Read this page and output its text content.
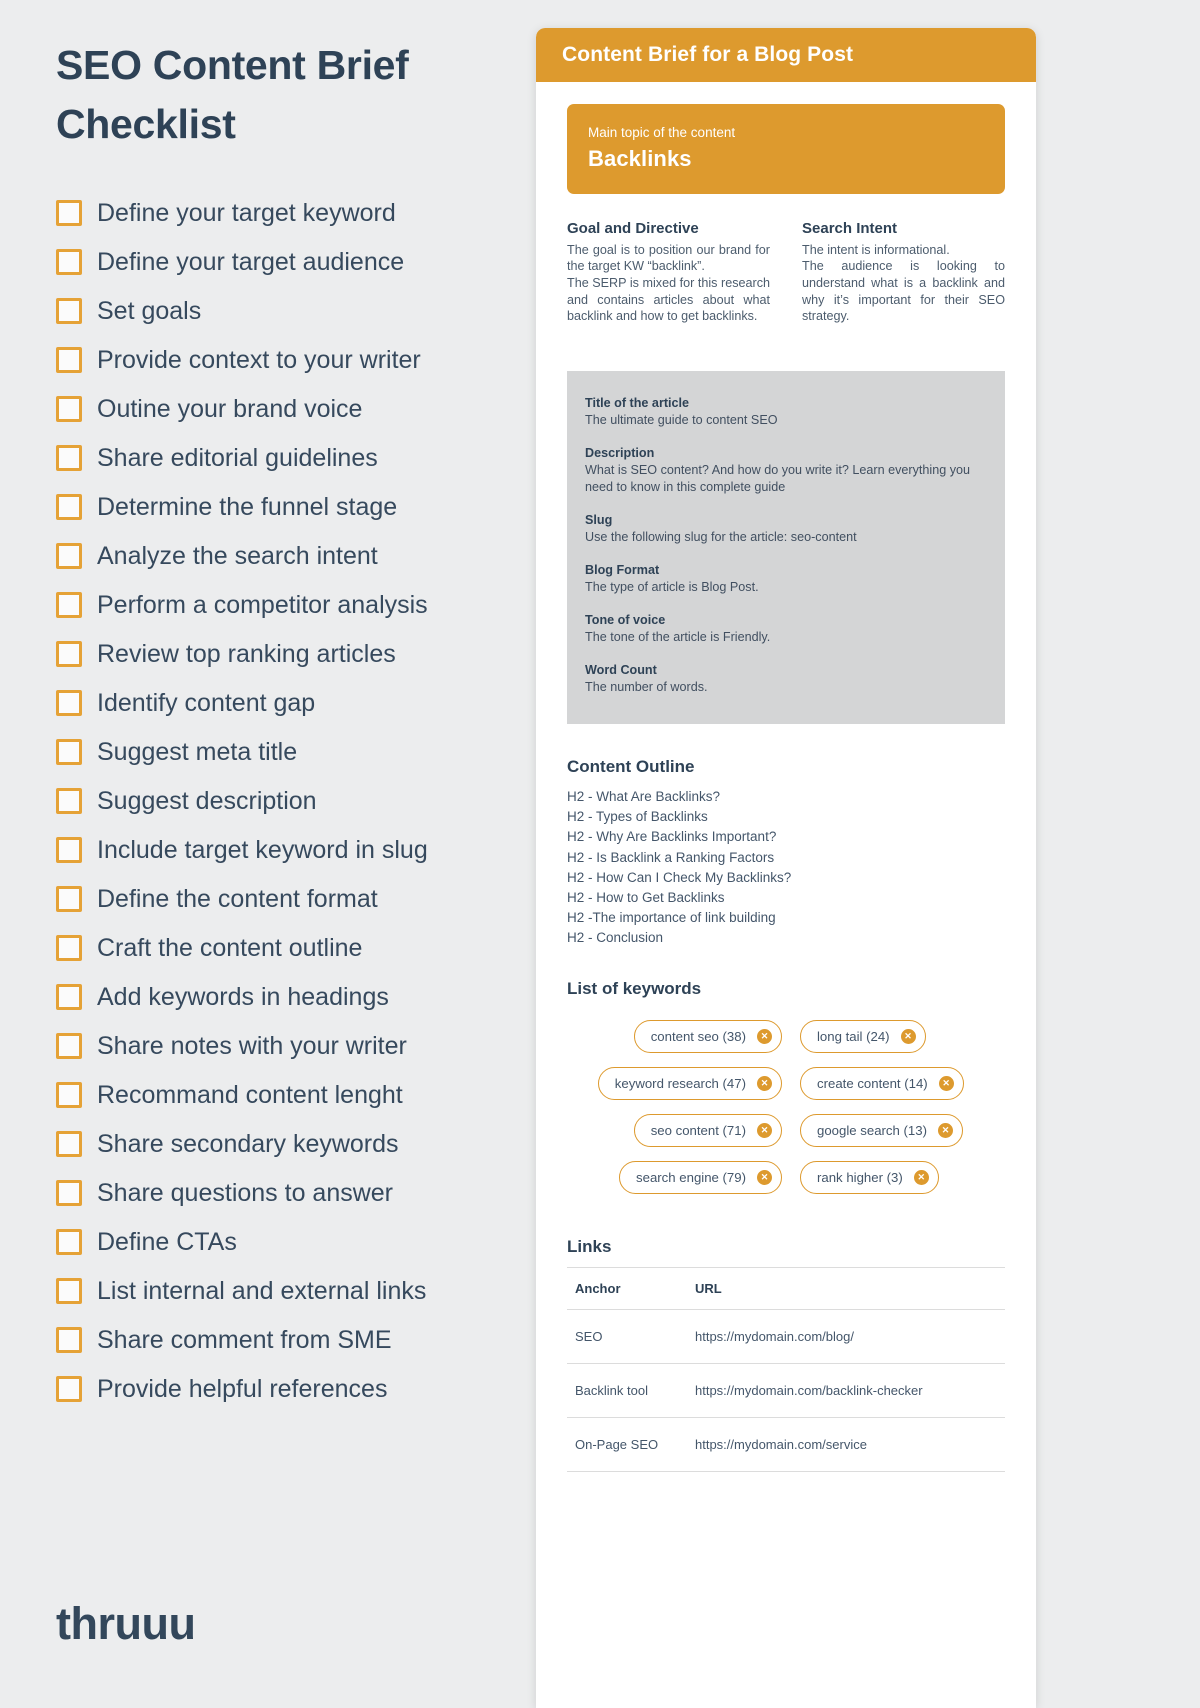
SEO Content Brief Checklist
Define your target keyword
Define your target audience
Set goals
Provide context to your writer
Outine your brand voice
Share editorial guidelines
Determine the funnel stage
Analyze the search intent
Perform a competitor analysis
Review top ranking articles
Identify content gap
Suggest meta title
Suggest description
Include target keyword in slug
Define the content format
Craft the content outline
Add keywords in headings
Share notes with your writer
Recommand content lenght
Share secondary keywords
Share questions to answer
Define CTAs
List internal and external links
Share comment from SME
Provide helpful references
thruuu
Content Brief for a Blog Post
Main topic of the content
Backlinks
Goal and Directive

The goal is to position our brand for the target KW “backlink”.

The SERP is mixed for this research and contains articles about what backlink and how to get backlinks.

Search Intent

The intent is informational.

The audience is looking to understand what is a backlink and why it’s important for their SEO strategy.

Title of the article
The ultimate guide to content SEO
Description
What is SEO content? And how do you write it? Learn everything you need to know in this complete guide
Slug
Use the following slug for the article: seo-content
Blog Format
The type of article is Blog Post.
Tone of voice
The tone of the article is Friendly.
Word Count
The number of words.
Content Outline
H2 - What Are Backlinks?
H2 - Types of Backlinks
H2 - Why Are Backlinks Important?
H2 - Is Backlink a Ranking Factors
H2 - How Can I Check My Backlinks?
H2 - How to Get Backlinks
H2 -The importance of link building
H2 - Conclusion
List of keywords
content seo (38)	✕	long tail (24)	✕
keyword research (47)	✕	create content (14)	✕
seo content (71)	✕	google search (13)	✕
search engine (79)	✕	rank higher (3)	✕
Links
Anchor	URL
SEO	https://mydomain.com/blog/
Backlink tool	https://mydomain.com/backlink-checker
On-Page SEO	https://mydomain.com/service
